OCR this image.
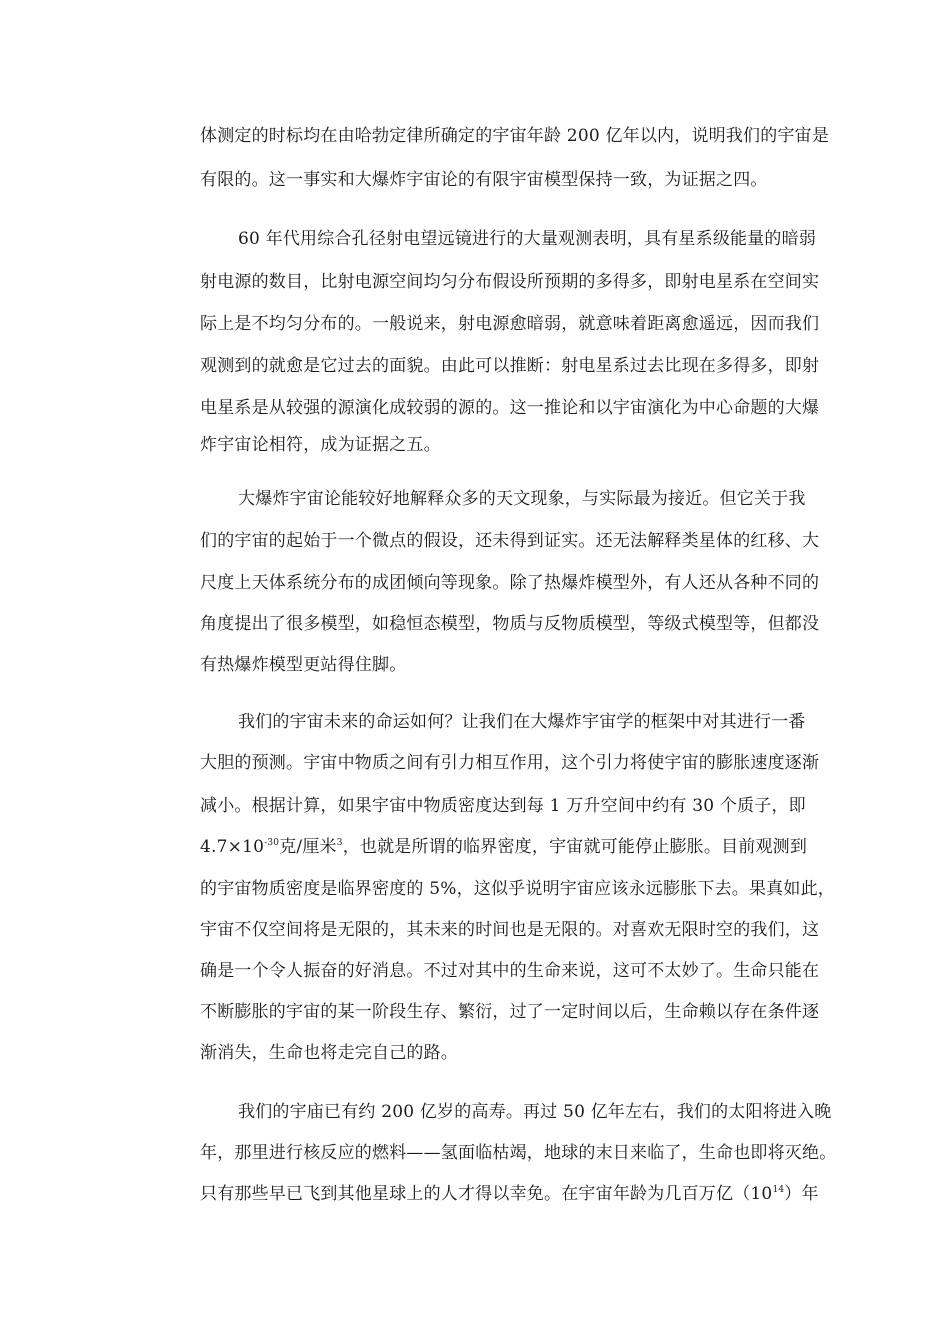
体测定的时标均在由哈勃定律所确定的宇宙年龄 200 亿年以内，说明我们的宇宙是
有限的。这一事实和大爆炸宇宙论的有限宇宙模型保持一致，为证据之四。
60 年代用综合孔径射电望远镜进行的大量观测表明，具有星系级能量的暗弱
射电源的数目，比射电源空间均匀分布假设所预期的多得多，即射电星系在空间实
际上是不均匀分布的。一般说来，射电源愈暗弱，就意味着距离愈遥远，因而我们
观测到的就愈是它过去的面貌。由此可以推断：射电星系过去比现在多得多，即射
电星系是从较强的源演化成较弱的源的。这一推论和以宇宙演化为中心命题的大爆
炸宇宙论相符，成为证据之五。
大爆炸宇宙论能较好地解释众多的天文现象，与实际最为接近。但它关于我
们的宇宙的起始于一个微点的假设，还未得到证实。还无法解释类星体的红移、大
尺度上天体系统分布的成团倾向等现象。除了热爆炸模型外，有人还从各种不同的
角度提出了很多模型，如稳恒态模型，物质与反物质模型，等级式模型等，但都没
有热爆炸模型更站得住脚。
我们的宇宙未来的命运如何？让我们在大爆炸宇宙学的框架中对其进行一番
大胆的预测。宇宙中物质之间有引力相互作用，这个引力将使宇宙的膨胀速度逐渐
减小。根据计算，如果宇宙中物质密度达到每 1 万升空间中约有 30 个质子，即
$4.7\times 10^{-30}$克/厘米$^3$，也就是所谓的临界密度，宇宙就可能停止膨胀。目前观测到
的宇宙物质密度是临界密度的 5%，这似乎说明宇宙应该永远膨胀下去。果真如此，
宇宙不仅空间将是无限的，其未来的时间也是无限的。对喜欢无限时空的我们，这
确是一个令人振奋的好消息。不过对其中的生命来说，这可不太妙了。生命只能在
不断膨胀的宇宙的某一阶段生存、繁衍，过了一定时间以后，生命赖以存在条件逐
渐消失，生命也将走完自己的路。
我们的宇庙已有约 200 亿岁的高寿。再过 50 亿年左右，我们的太阳将进入晚
年，那里进行核反应的燃料——氢面临枯竭，地球的末日来临了，生命也即将灭绝。
只有那些早已飞到其他星球上的人才得以幸免。在宇宙年龄为几百万亿$(10^{14})$年
